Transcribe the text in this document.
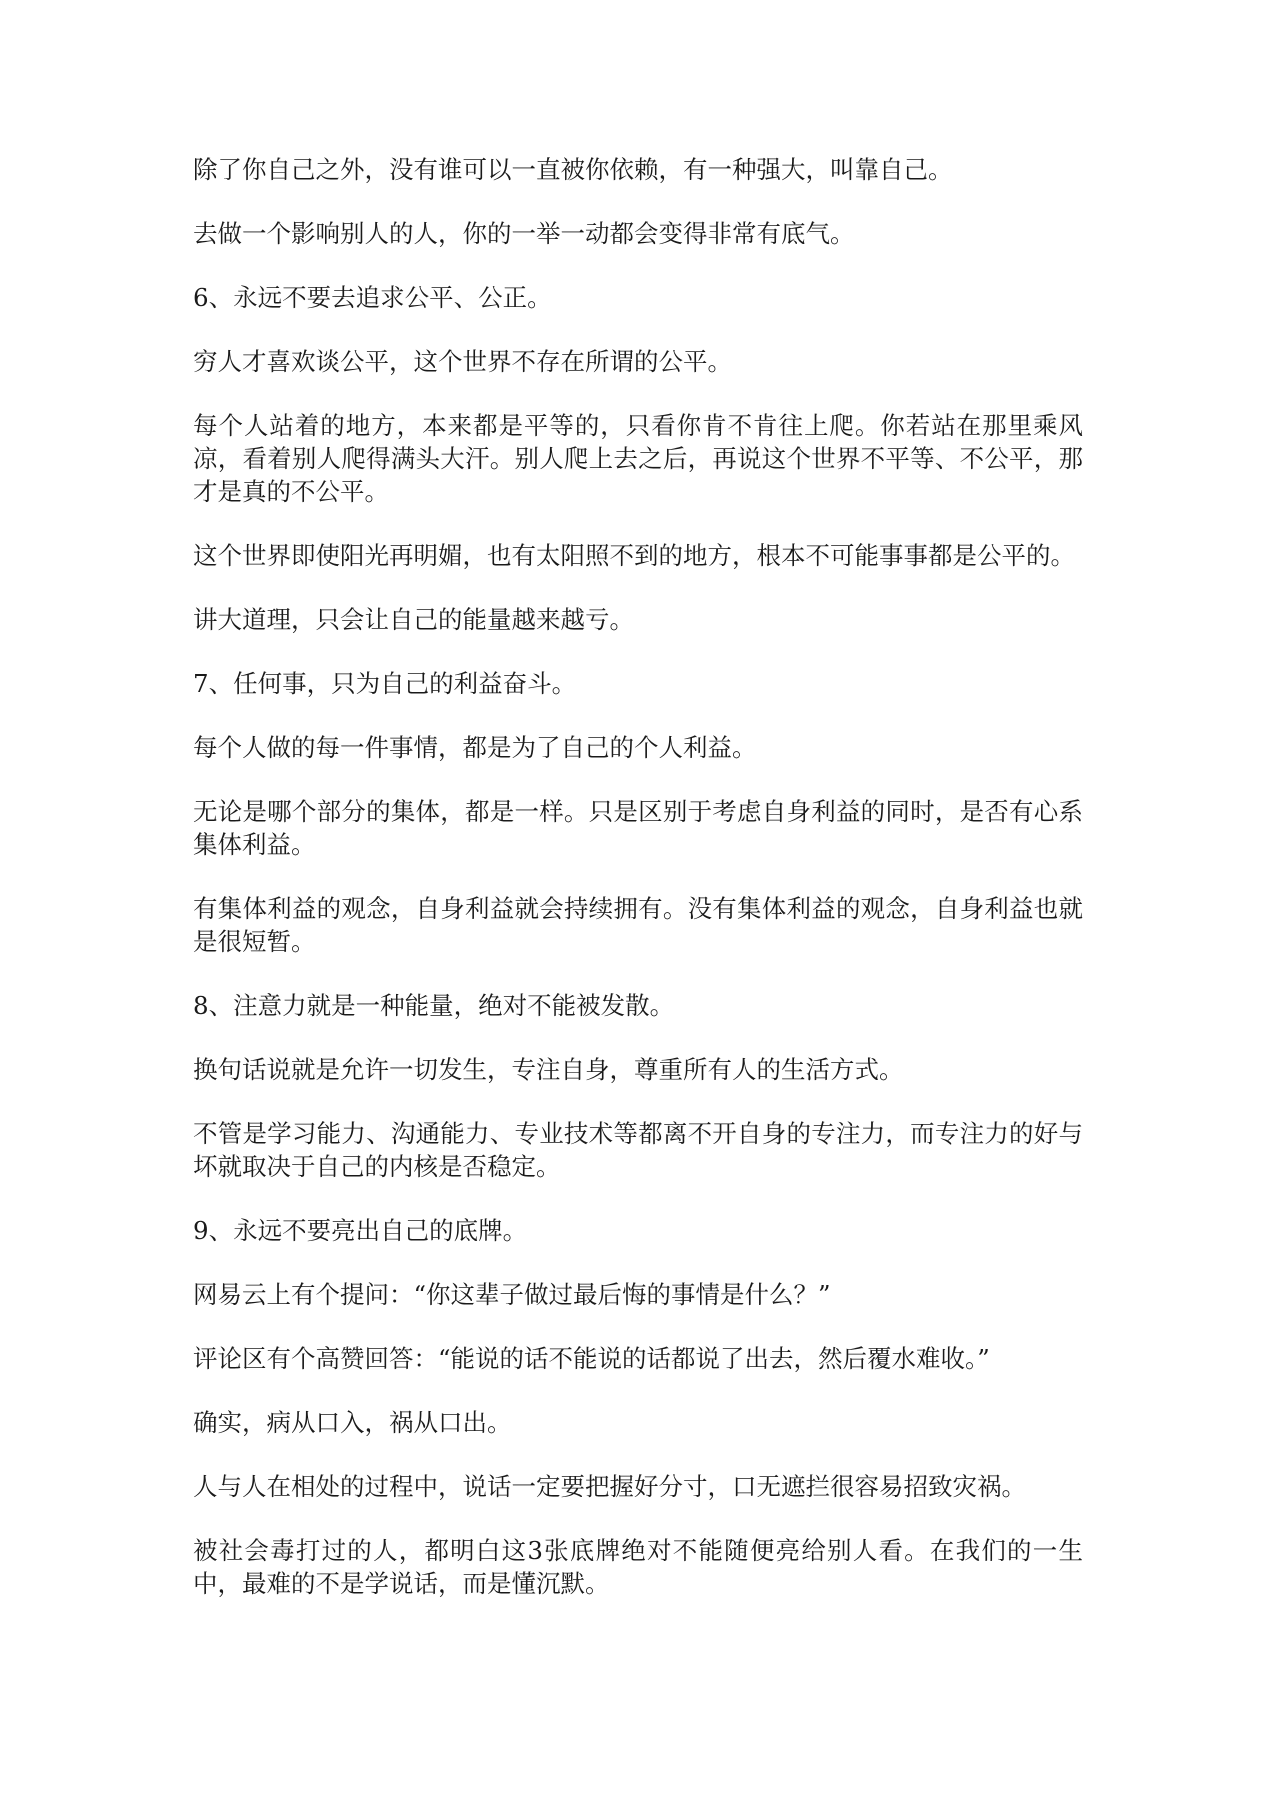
除了你自己之外，没有谁可以一直被你依赖，有一种强大，叫靠自己。

去做一个影响别人的人，你的一举一动都会变得非常有底气。

6、永远不要去追求公平、公正。

穷人才喜欢谈公平，这个世界不存在所谓的公平。

每个人站着的地方，本来都是平等的，只看你肯不肯往上爬。你若站在那里乘风凉，看着别人爬得满头大汗。别人爬上去之后，再说这个世界不平等、不公平，那才是真的不公平。

这个世界即使阳光再明媚，也有太阳照不到的地方，根本不可能事事都是公平的。

讲大道理，只会让自己的能量越来越亏。

7、任何事，只为自己的利益奋斗。

每个人做的每一件事情，都是为了自己的个人利益。

无论是哪个部分的集体，都是一样。只是区别于考虑自身利益的同时，是否有心系集体利益。

有集体利益的观念，自身利益就会持续拥有。没有集体利益的观念，自身利益也就是很短暂。

8、注意力就是一种能量，绝对不能被发散。

换句话说就是允许一切发生，专注自身，尊重所有人的生活方式。

不管是学习能力、沟通能力、专业技术等都离不开自身的专注力，而专注力的好与坏就取决于自己的内核是否稳定。

9、永远不要亮出自己的底牌。

网易云上有个提问：“你这辈子做过最后悔的事情是什么？”

评论区有个高赞回答：“能说的话不能说的话都说了出去，然后覆水难收。”

确实，病从口入，祸从口出。

人与人在相处的过程中，说话一定要把握好分寸，口无遮拦很容易招致灾祸。

被社会毒打过的人，都明白这3张底牌绝对不能随便亮给别人看。在我们的一生中，最难的不是学说话，而是懂沉默。
